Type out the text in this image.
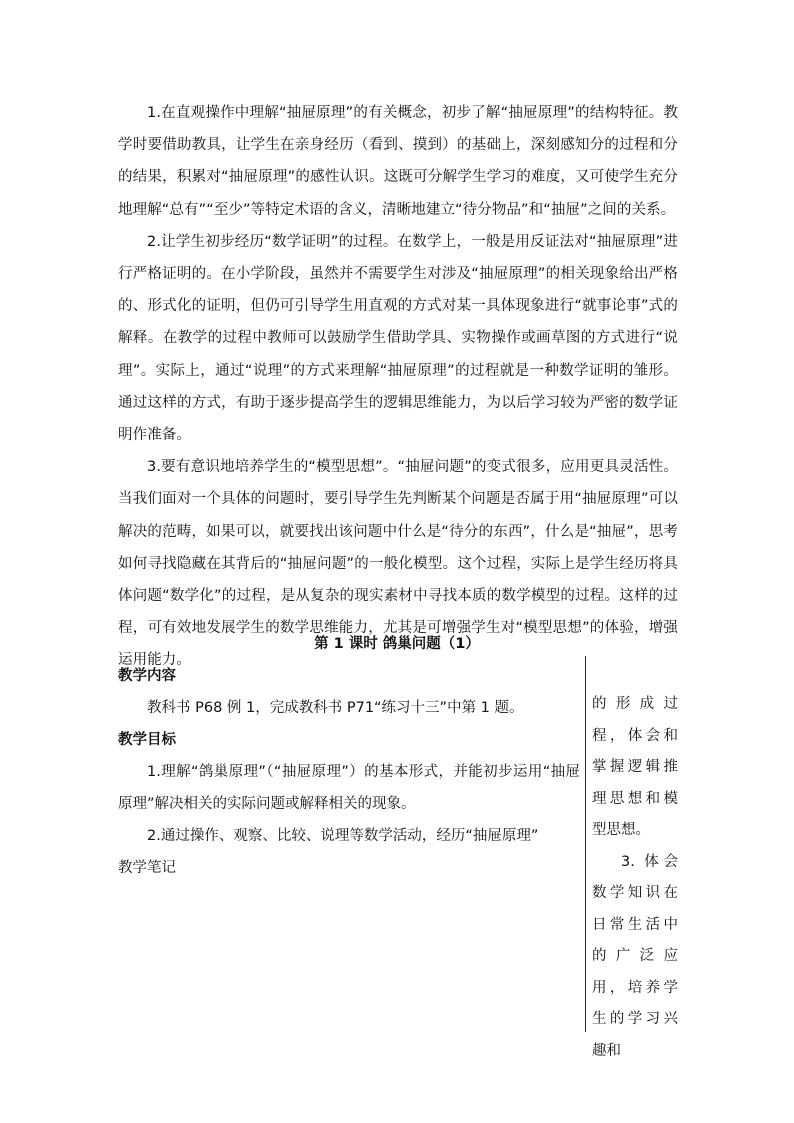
1.在直观操作中理解“抽屉原理”的有关概念，初步了解“抽屉原理”的结构特征。教学时要借助教具，让学生在亲身经历（看到、摸到）的基础上，深刻感知分的过程和分的结果，积累对“抽屉原理”的感性认识。这既可分解学生学习的难度，又可使学生充分地理解“总有”“至少”等特定术语的含义，清晰地建立“待分物品”和“抽屉”之间的关系。

2.让学生初步经历“数学证明”的过程。在数学上，一般是用反证法对“抽屉原理”进行严格证明的。在小学阶段，虽然并不需要学生对涉及“抽屉原理”的相关现象给出严格的、形式化的证明，但仍可引导学生用直观的方式对某一具体现象进行“就事论事”式的解释。在教学的过程中教师可以鼓励学生借助学具、实物操作或画草图的方式进行“说理”。实际上，通过“说理”的方式来理解“抽屉原理”的过程就是一种数学证明的雏形。通过这样的方式，有助于逐步提高学生的逻辑思维能力，为以后学习较为严密的数学证明作准备。

3.要有意识地培养学生的“模型思想”。“抽屉问题”的变式很多，应用更具灵活性。当我们面对一个具体的问题时，要引导学生先判断某个问题是否属于用“抽屉原理”可以解决的范畴，如果可以，就要找出该问题中什么是“待分的东西”，什么是“抽屉”，思考如何寻找隐藏在其背后的“抽屉问题”的一般化模型。这个过程，实际上是学生经历将具体问题“数学化”的过程，是从复杂的现实素材中寻找本质的数学模型的过程。这样的过程，可有效地发展学生的数学思维能力，尤其是可增强学生对“模型思想”的体验，增强运用能力。

第 1 课时 鸽巢问题（1）
教学内容

教科书 P68 例 1，完成教科书 P71“练习十三”中第 1 题。

教学目标

1.理解“鸽巢原理”（“抽屉原理”）的基本形式，并能初步运用“抽屉原理”解决相关的实际问题或解释相关的现象。

2.通过操作、观察、比较、说理等数学活动，经历“抽屉原理”

教学笔记

的形成过程，体会和掌握逻辑推理思想和模型思想。

3. 体会数学知识在日常生活中的广泛应用，培养学生的学习兴趣和
